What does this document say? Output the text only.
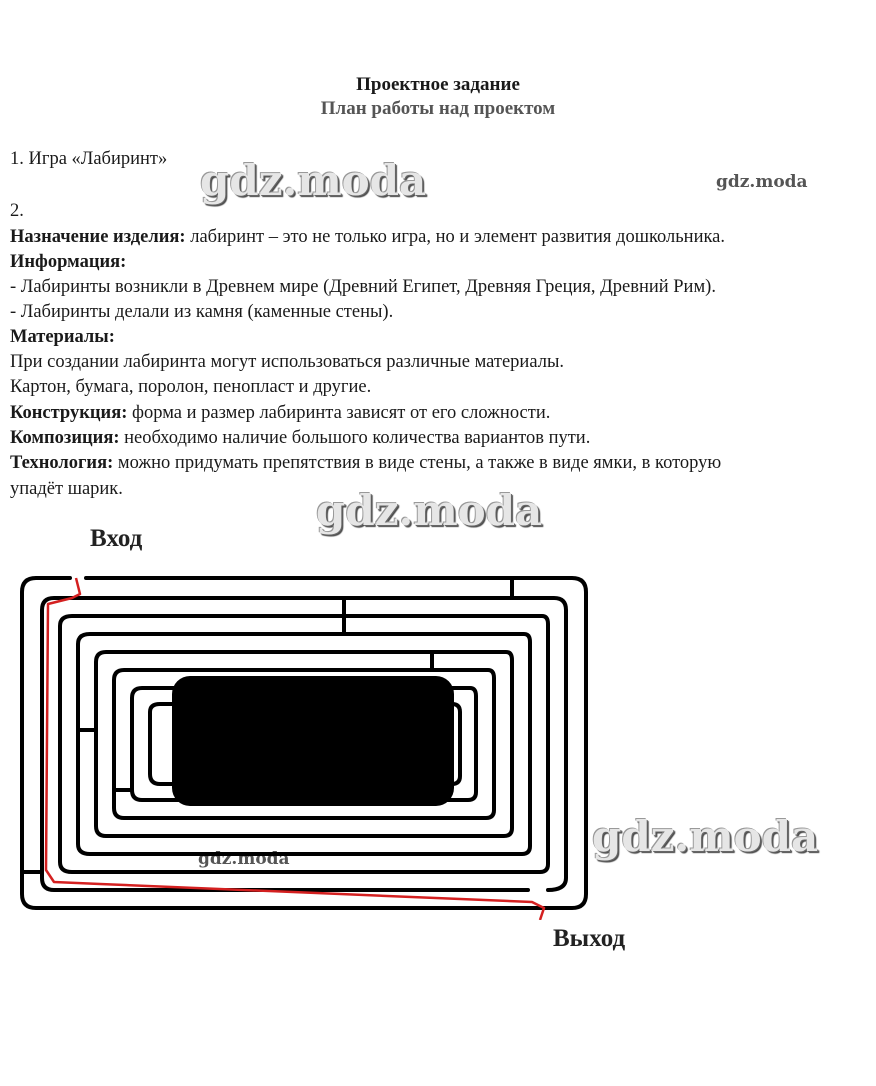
Проектное задание
План работы над проектом
1. Игра «Лабиринт»
2.
Назначение изделия: лабиринт – это не только игра, но и элемент развития дошкольника.
Информация:
- Лабиринты возникли в Древнем мире (Древний Египет, Древняя Греция, Древний Рим).
- Лабиринты делали из камня (каменные стены).
Материалы:
При создании лабиринта могут использоваться различные материалы.
Картон, бумага, поролон, пенопласт и другие.
Конструкция: форма и размер лабиринта зависят от его сложности.
Композиция: необходимо наличие большого количества вариантов пути.
Технология: можно придумать препятствия в виде стены, а также в виде ямки, в которую
упадёт шарик.
gdz.moda	gdz.moda
gdz.moda
gdz.moda
gdz.moda
Вход
Выход
